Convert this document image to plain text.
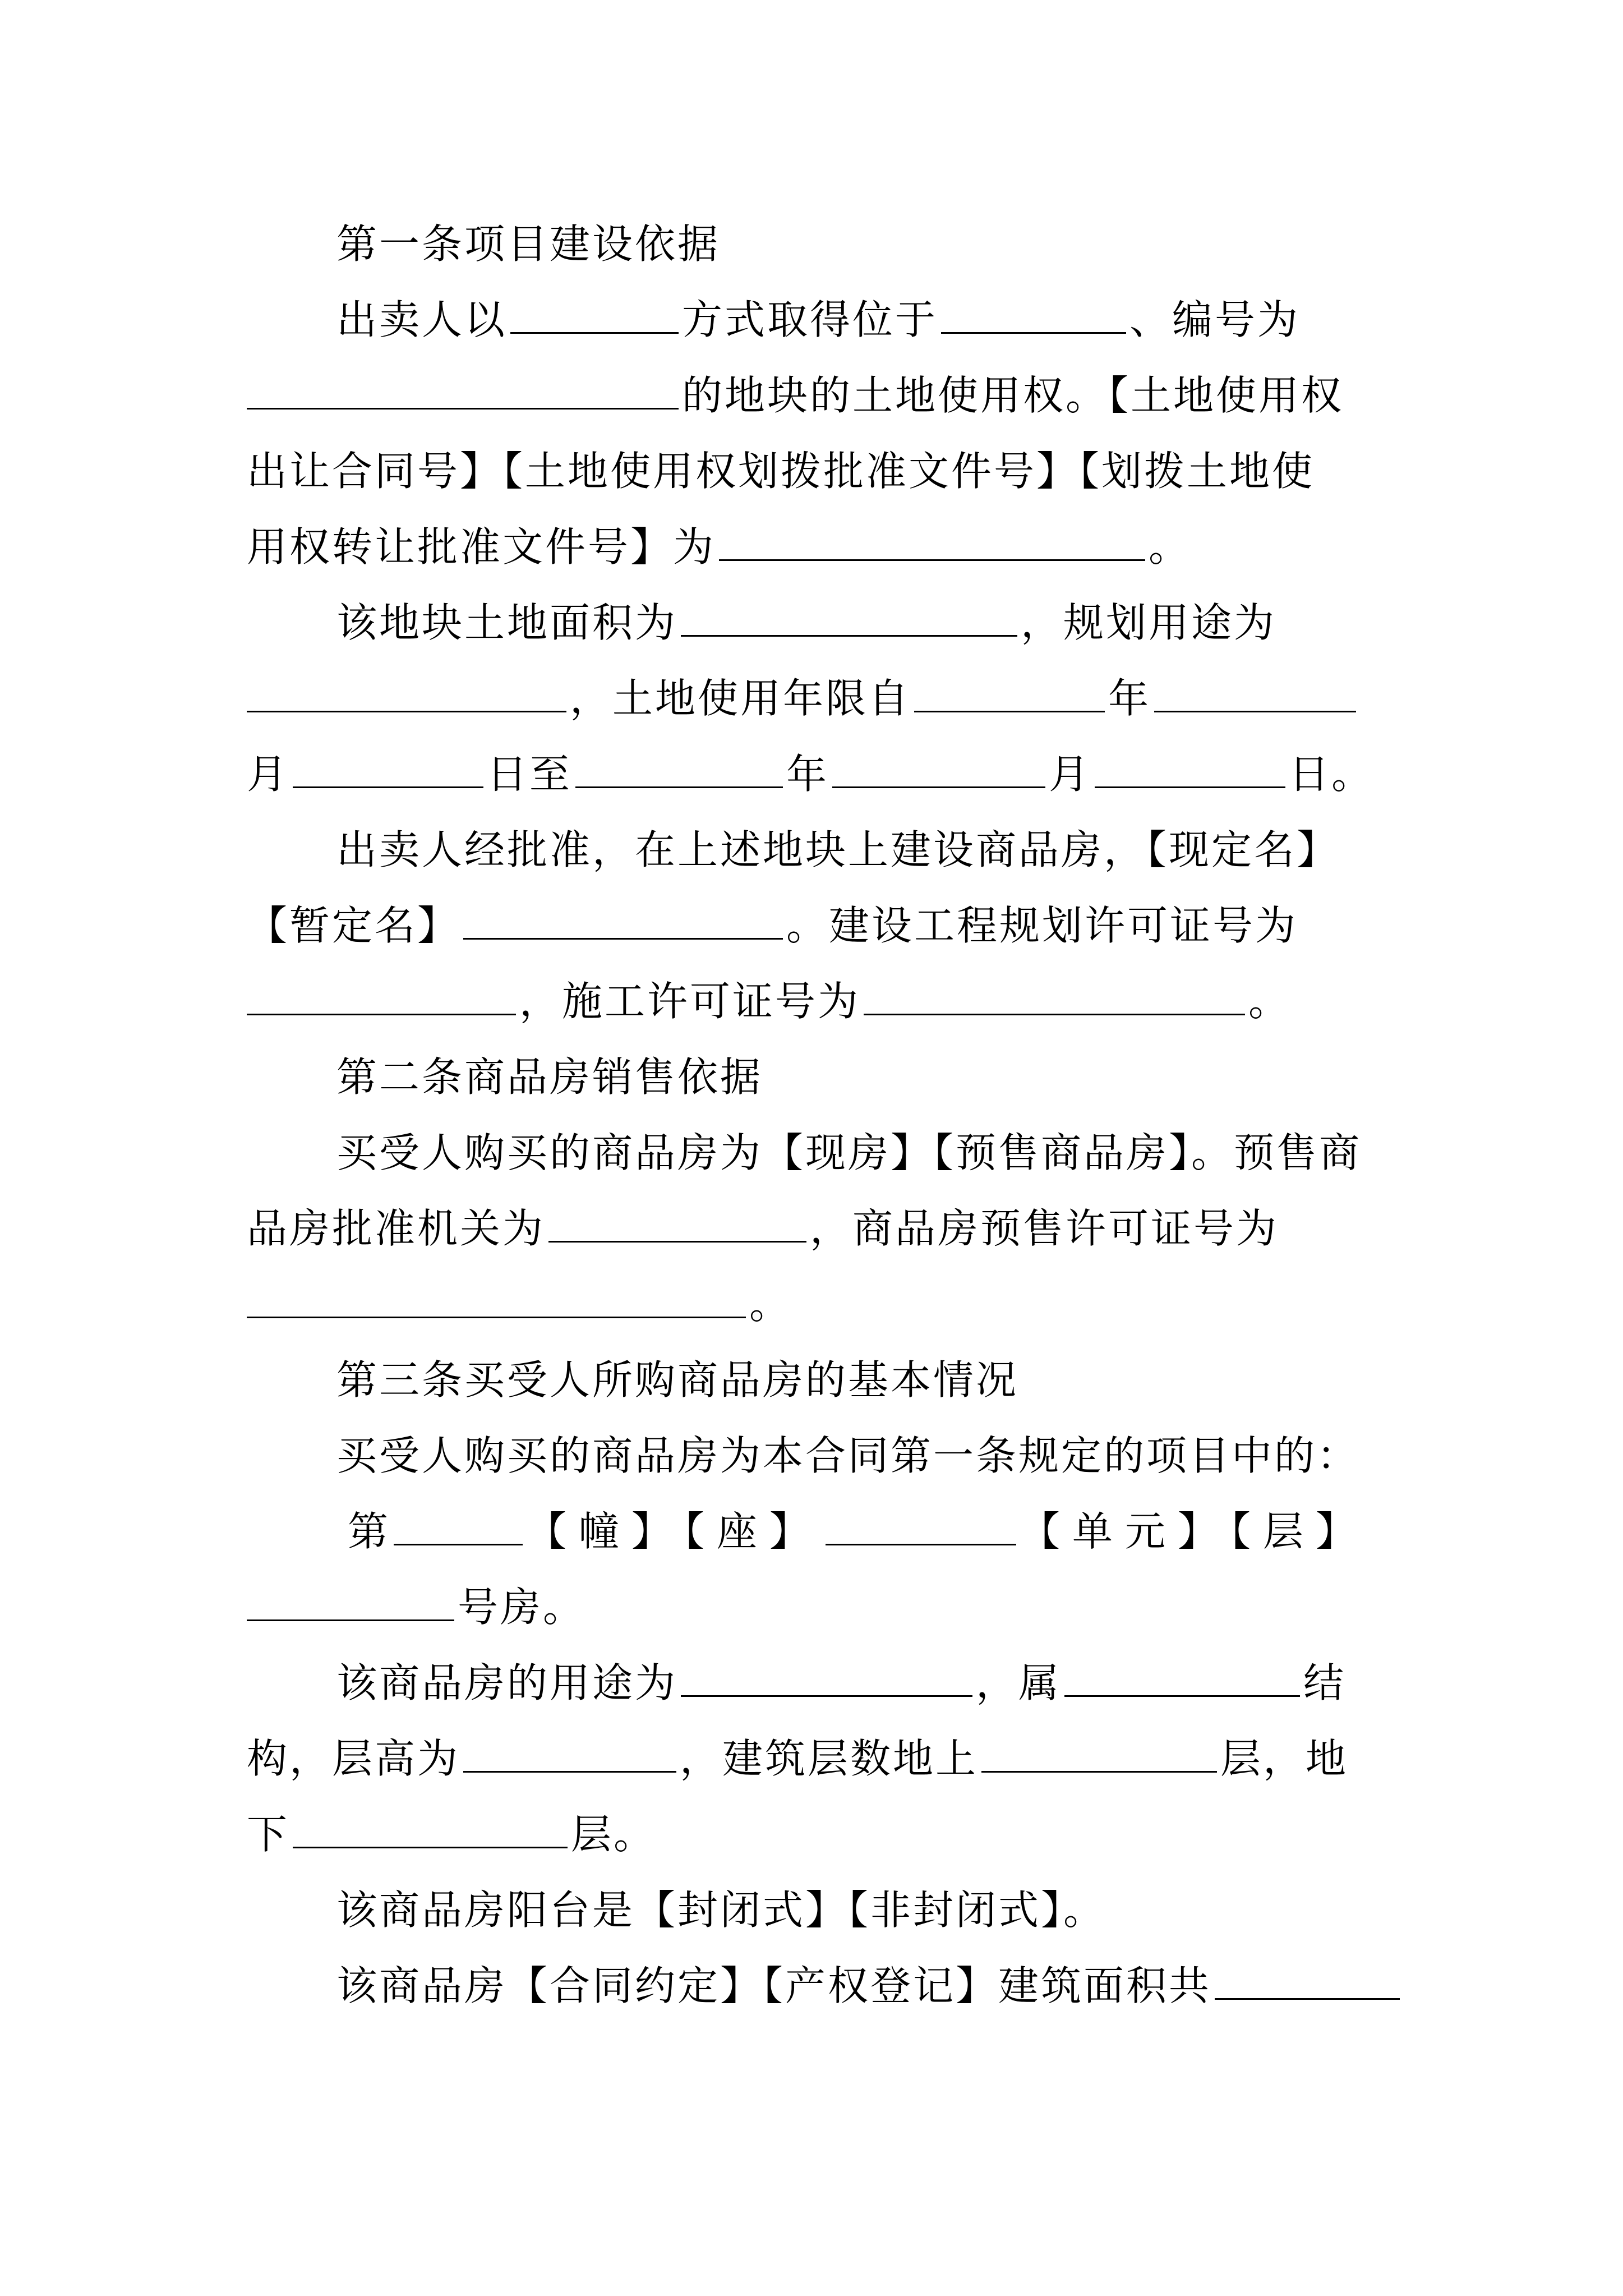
第一条项目建设依据
出卖人以	方式取得位于	、编号为
的地块的土地使用权。【土地使用权
出让合同号】【土地使用权划拨批准文件号】【划拨土地使
用权转让批准文件号】为	。
该地块土地面积为	，规划用途为
，土地使用年限自	年
月	日至	年	月	日。
出卖人经批准，在上述地块上建设商品房，【现定名】
【暂定名】	。建设工程规划许可证号为
，施工许可证号为	。
第二条商品房销售依据
买受人购买的商品房为【现房】【预售商品房】。预售商
品房批准机关为	，商品房预售许可证号为
。
第三条买受人所购商品房的基本情况
买受人购买的商品房为本合同第一条规定的项目中的：
第	【幢】【座】	【单元】【层】
号房。
该商品房的用途为	，属	结
构，层高为	，建筑层数地上	层，地
下	层。
该商品房阳台是【封闭式】【非封闭式】。
该商品房【合同约定】【产权登记】建筑面积共
